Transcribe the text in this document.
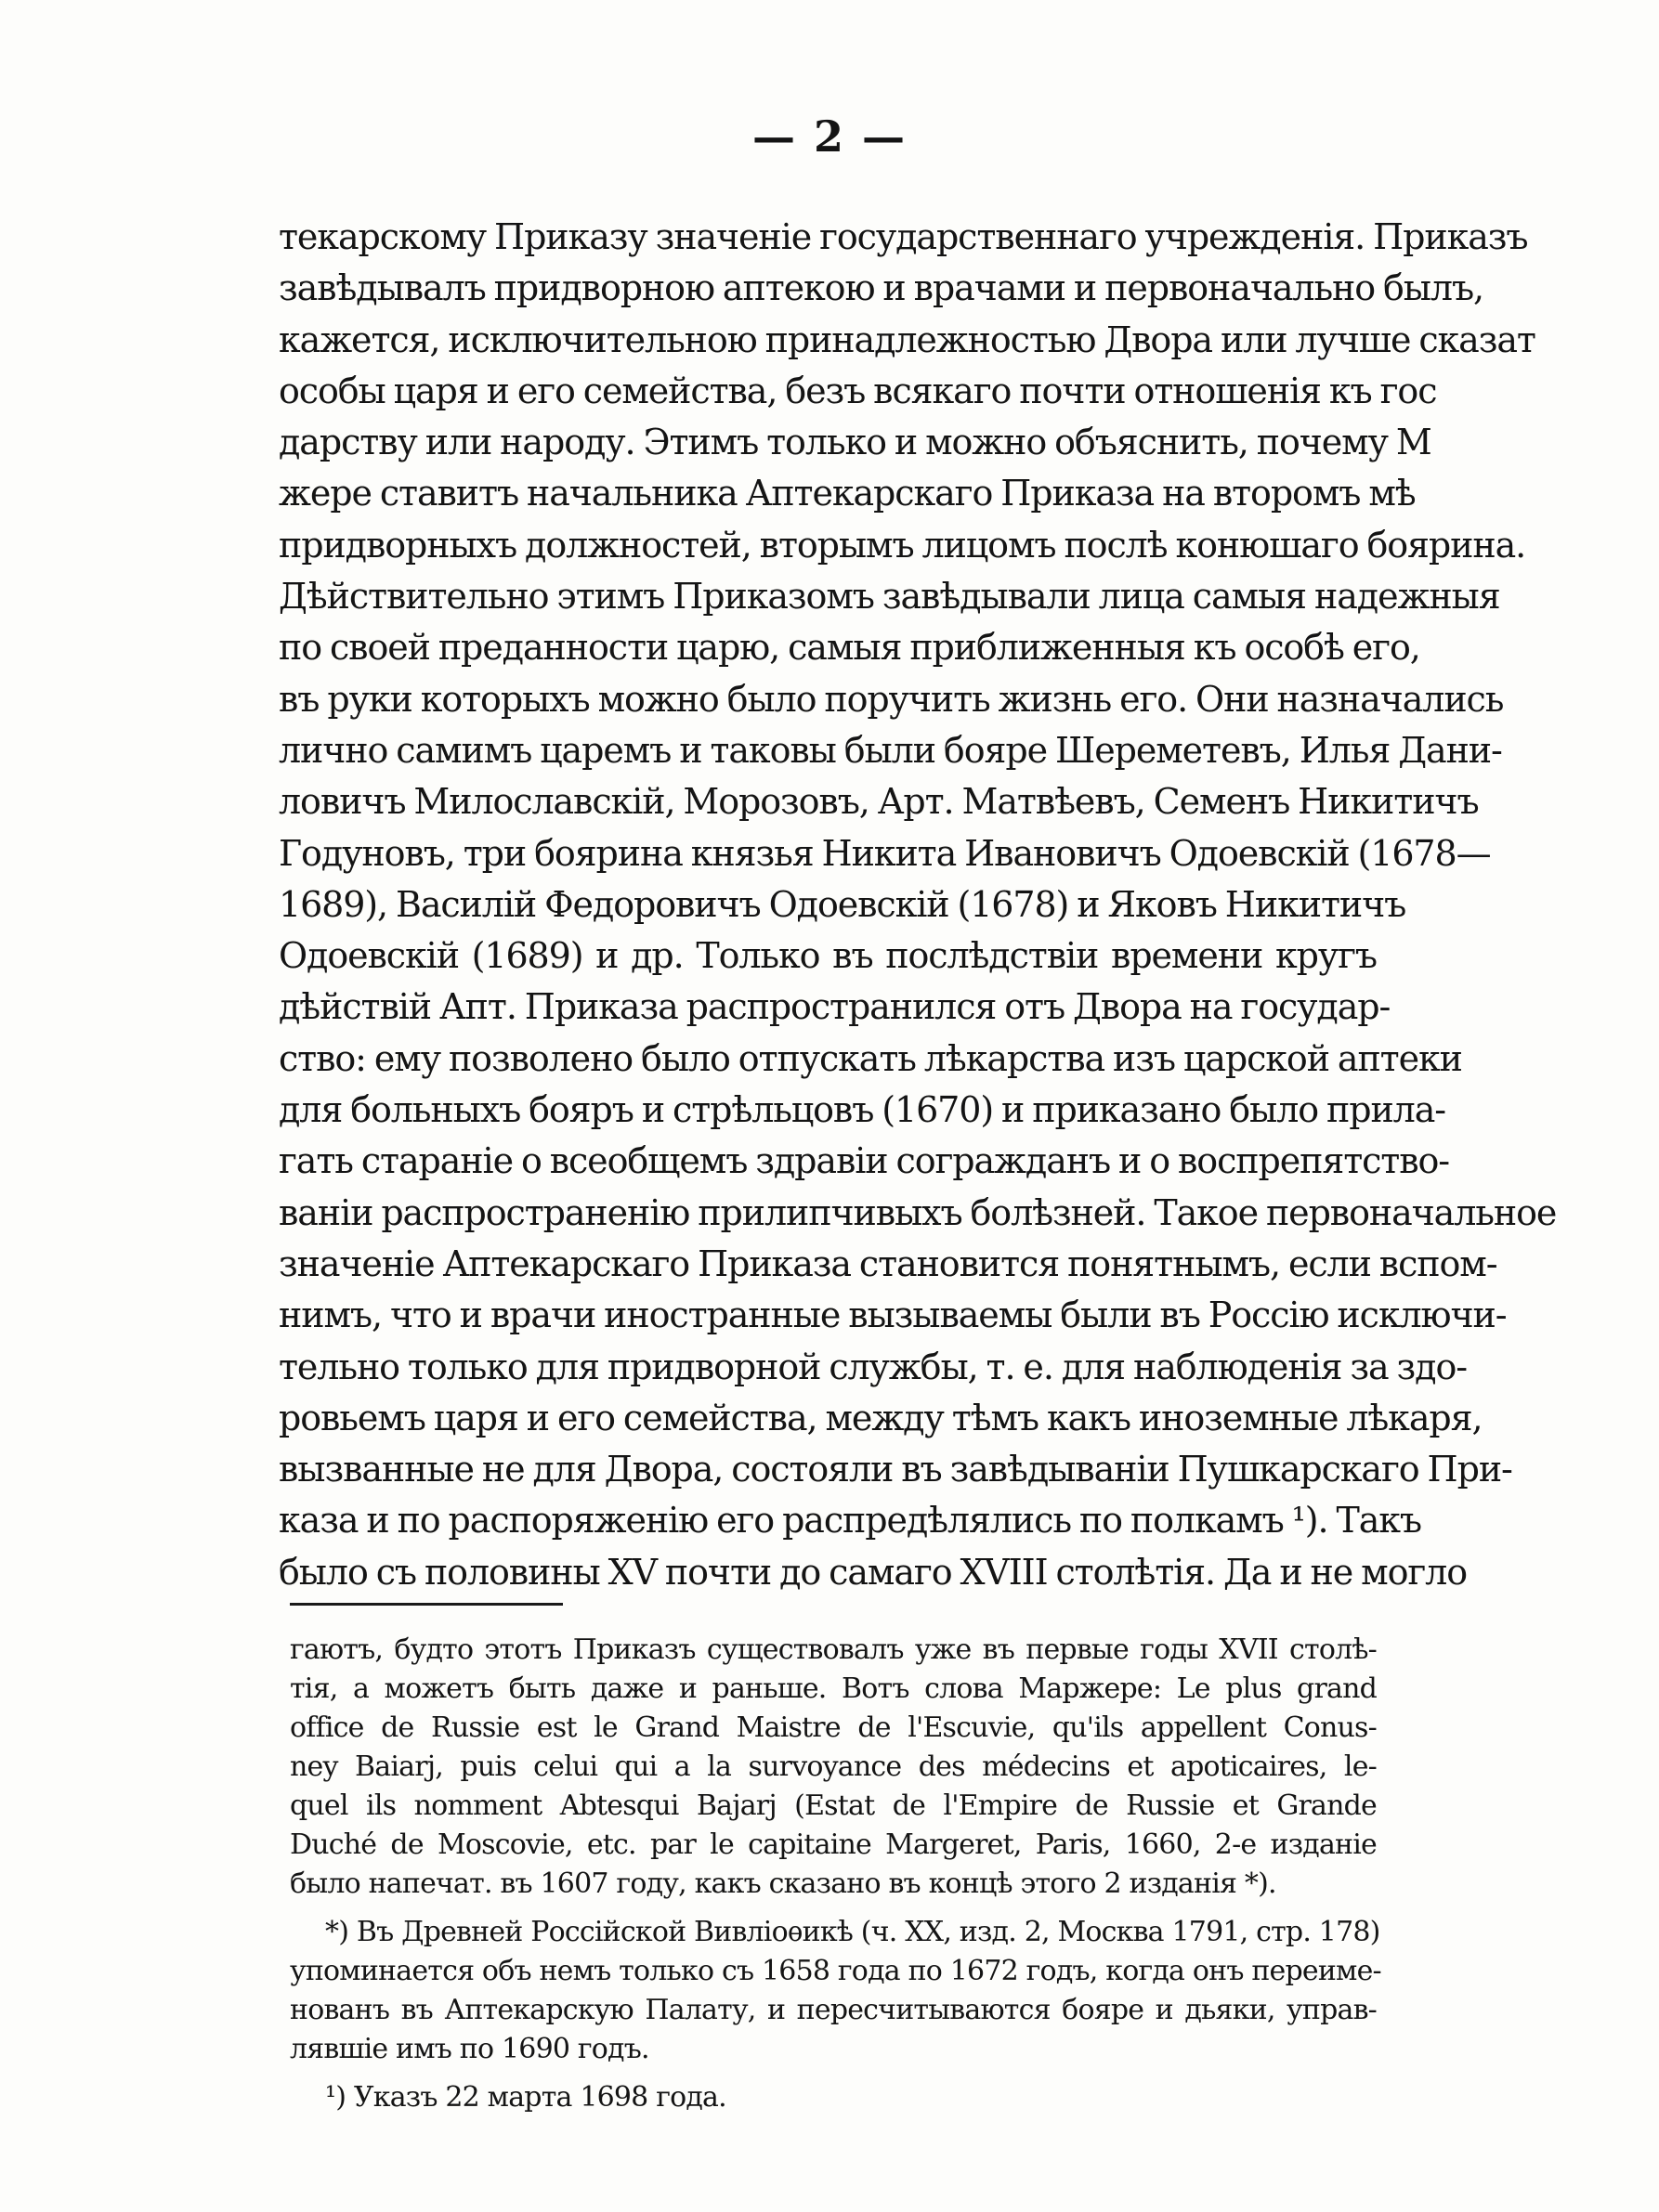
— 2 —
текарскому Приказу значеніе государственнаго учрежденія. Приказъ
завѣдывалъ придворною аптекою и врачами и первоначально былъ,
кажется, исключительною принадлежностью Двора или лучше сказат
особы царя и его семейства, безъ всякаго почти отношенія къ гос
дарству или народу. Этимъ только и можно объяснить, почему М
жере ставитъ начальника Аптекарскаго Приказа на второмъ мѣ
придворныхъ должностей, вторымъ лицомъ послѣ конюшаго боярина.
Дѣйствительно этимъ Приказомъ завѣдывали лица самыя надежныя
по своей преданности царю, самыя приближенныя къ особѣ его,
въ руки которыхъ можно было поручить жизнь его. Они назначались
лично самимъ царемъ и таковы были бояре Шереметевъ, Илья Дани-
ловичъ Милославскій, Морозовъ, Арт. Матвѣевъ, Семенъ Никитичъ
Годуновъ, три боярина князья Никита Ивановичъ Одоевскій (1678—
1689), Василій Федоровичъ Одоевскій (1678) и Яковъ Никитичъ
Одоевскій (1689) и др. Только въ послѣдствіи времени кругъ
дѣйствій Апт. Приказа распространился отъ Двора на государ-
ство: ему позволено было отпускать лѣкарства изъ царской аптеки
для больныхъ бояръ и стрѣльцовъ (1670) и приказано было прила-
гать стараніе о всеобщемъ здравіи согражданъ и о воспрепятство-
ваніи распространенію прилипчивыхъ болѣзней. Такое первоначальное
значеніе Аптекарскаго Приказа становится понятнымъ, если вспом-
нимъ, что и врачи иностранные вызываемы были въ Россію исключи-
тельно только для придворной службы, т. е. для наблюденія за здо-
ровьемъ царя и его семейства, между тѣмъ какъ иноземные лѣкаря,
вызванные не для Двора, состояли въ завѣдываніи Пушкарскаго При-
каза и по распоряженію его распредѣлялись по полкамъ ¹). Такъ
было съ половины XV почти до самаго XVIII столѣтія. Да и не могло
гаютъ, будто этотъ Приказъ существовалъ уже въ первые годы XVII столѣ-
тія, а можетъ быть даже и раньше. Вотъ слова Маржере: Le plus grand
office de Russie est le Grand Maistre de l'Escuvie, qu'ils appellent Conus-
ney Baiarj, puis celui qui a la survoyance des médecins et apoticaires, le-
quel ils nomment Abtesqui Bajarj (Estat de l'Empire de Russie et Grande
Duché de Moscovie, etc. par le capitaine Margeret, Paris, 1660, 2-е изданіе
было напечат. въ 1607 году, какъ сказано въ концѣ этого 2 изданія *).
*) Въ Древней Россійской Вивліоѳикѣ (ч. XX, изд. 2, Москва 1791, стр. 178)
упоминается объ немъ только съ 1658 года по 1672 годъ, когда онъ переиме-
нованъ въ Аптекарскую Палату, и пересчитываются бояре и дьяки, управ-
лявшіе имъ по 1690 годъ.
¹) Указъ 22 марта 1698 года.
